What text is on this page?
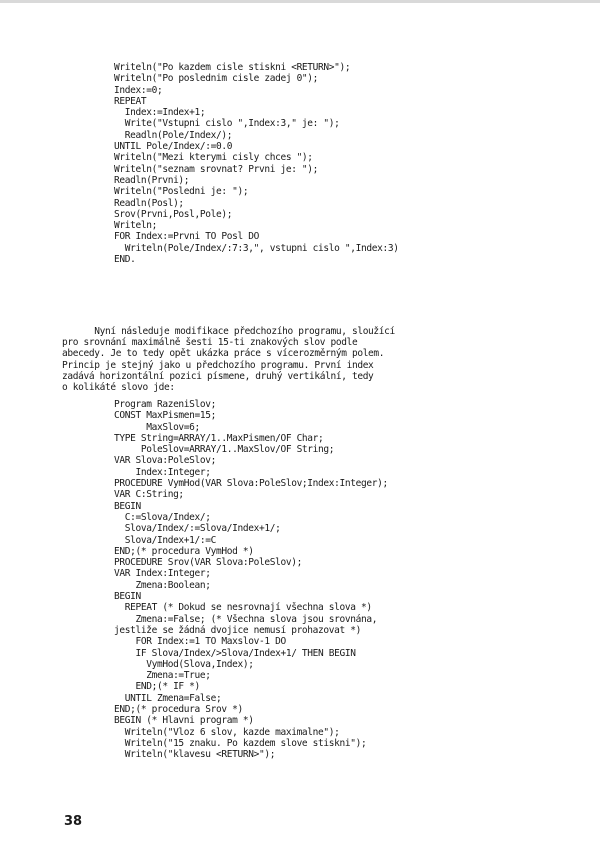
Writeln("Po kazdem cisle stiskni <RETURN>");
Writeln("Po poslednim cisle zadej 0");
Index:=0;
REPEAT
Index:=Index+1;
Write("Vstupni cislo ",Index:3," je: ");
Readln(Pole/Index/);
UNTIL Pole/Index/:=0.0
Writeln("Mezi kterymi cisly chces ");
Writeln("seznam srovnat? Prvni je: ");
Readln(Prvni);
Writeln("Posledni je: ");
Readln(Posl);
Srov(Prvni,Posl,Pole);
Writeln;
FOR Index:=Prvni TO Posl DO
Writeln(Pole/Index/:7:3,", vstupni cislo ",Index:3)
END.
Nyní následuje modifikace předchozího programu, sloužící
pro srovnání maximálně šesti 15-ti znakových slov podle
abecedy. Je to tedy opět ukázka práce s vícerozměrným polem.
Princip je stejný jako u předchozího programu. První index
zadává horizontální pozici písmene, druhý vertikální, tedy
o kolikáté slovo jde:
Program RazeniSlov;
CONST MaxPismen=15;
MaxSlov=6;
TYPE String=ARRAY/1..MaxPismen/OF Char;
PoleSlov=ARRAY/1..MaxSlov/OF String;
VAR Slova:PoleSlov;
Index:Integer;
PROCEDURE VymHod(VAR Slova:PoleSlov;Index:Integer);
VAR C:String;
BEGIN
C:=Slova/Index/;
Slova/Index/:=Slova/Index+1/;
Slova/Index+1/:=C
END;(* procedura VymHod *)
PROCEDURE Srov(VAR Slova:PoleSlov);
VAR Index:Integer;
Zmena:Boolean;
BEGIN
REPEAT (* Dokud se nesrovnají všechna slova *)
Zmena:=False; (* Všechna slova jsou srovnána,
jestliže se žádná dvojice nemusí prohazovat *)
FOR Index:=1 TO Maxslov-1 DO
IF Slova/Index/>Slova/Index+1/ THEN BEGIN
VymHod(Slova,Index);
Zmena:=True;
END;(* IF *)
UNTIL Zmena=False;
END;(* procedura Srov *)
BEGIN (* Hlavni program *)
Writeln("Vloz 6 slov, kazde maximalne");
Writeln("15 znaku. Po kazdem slove stiskni");
Writeln("klavesu <RETURN>");
38
